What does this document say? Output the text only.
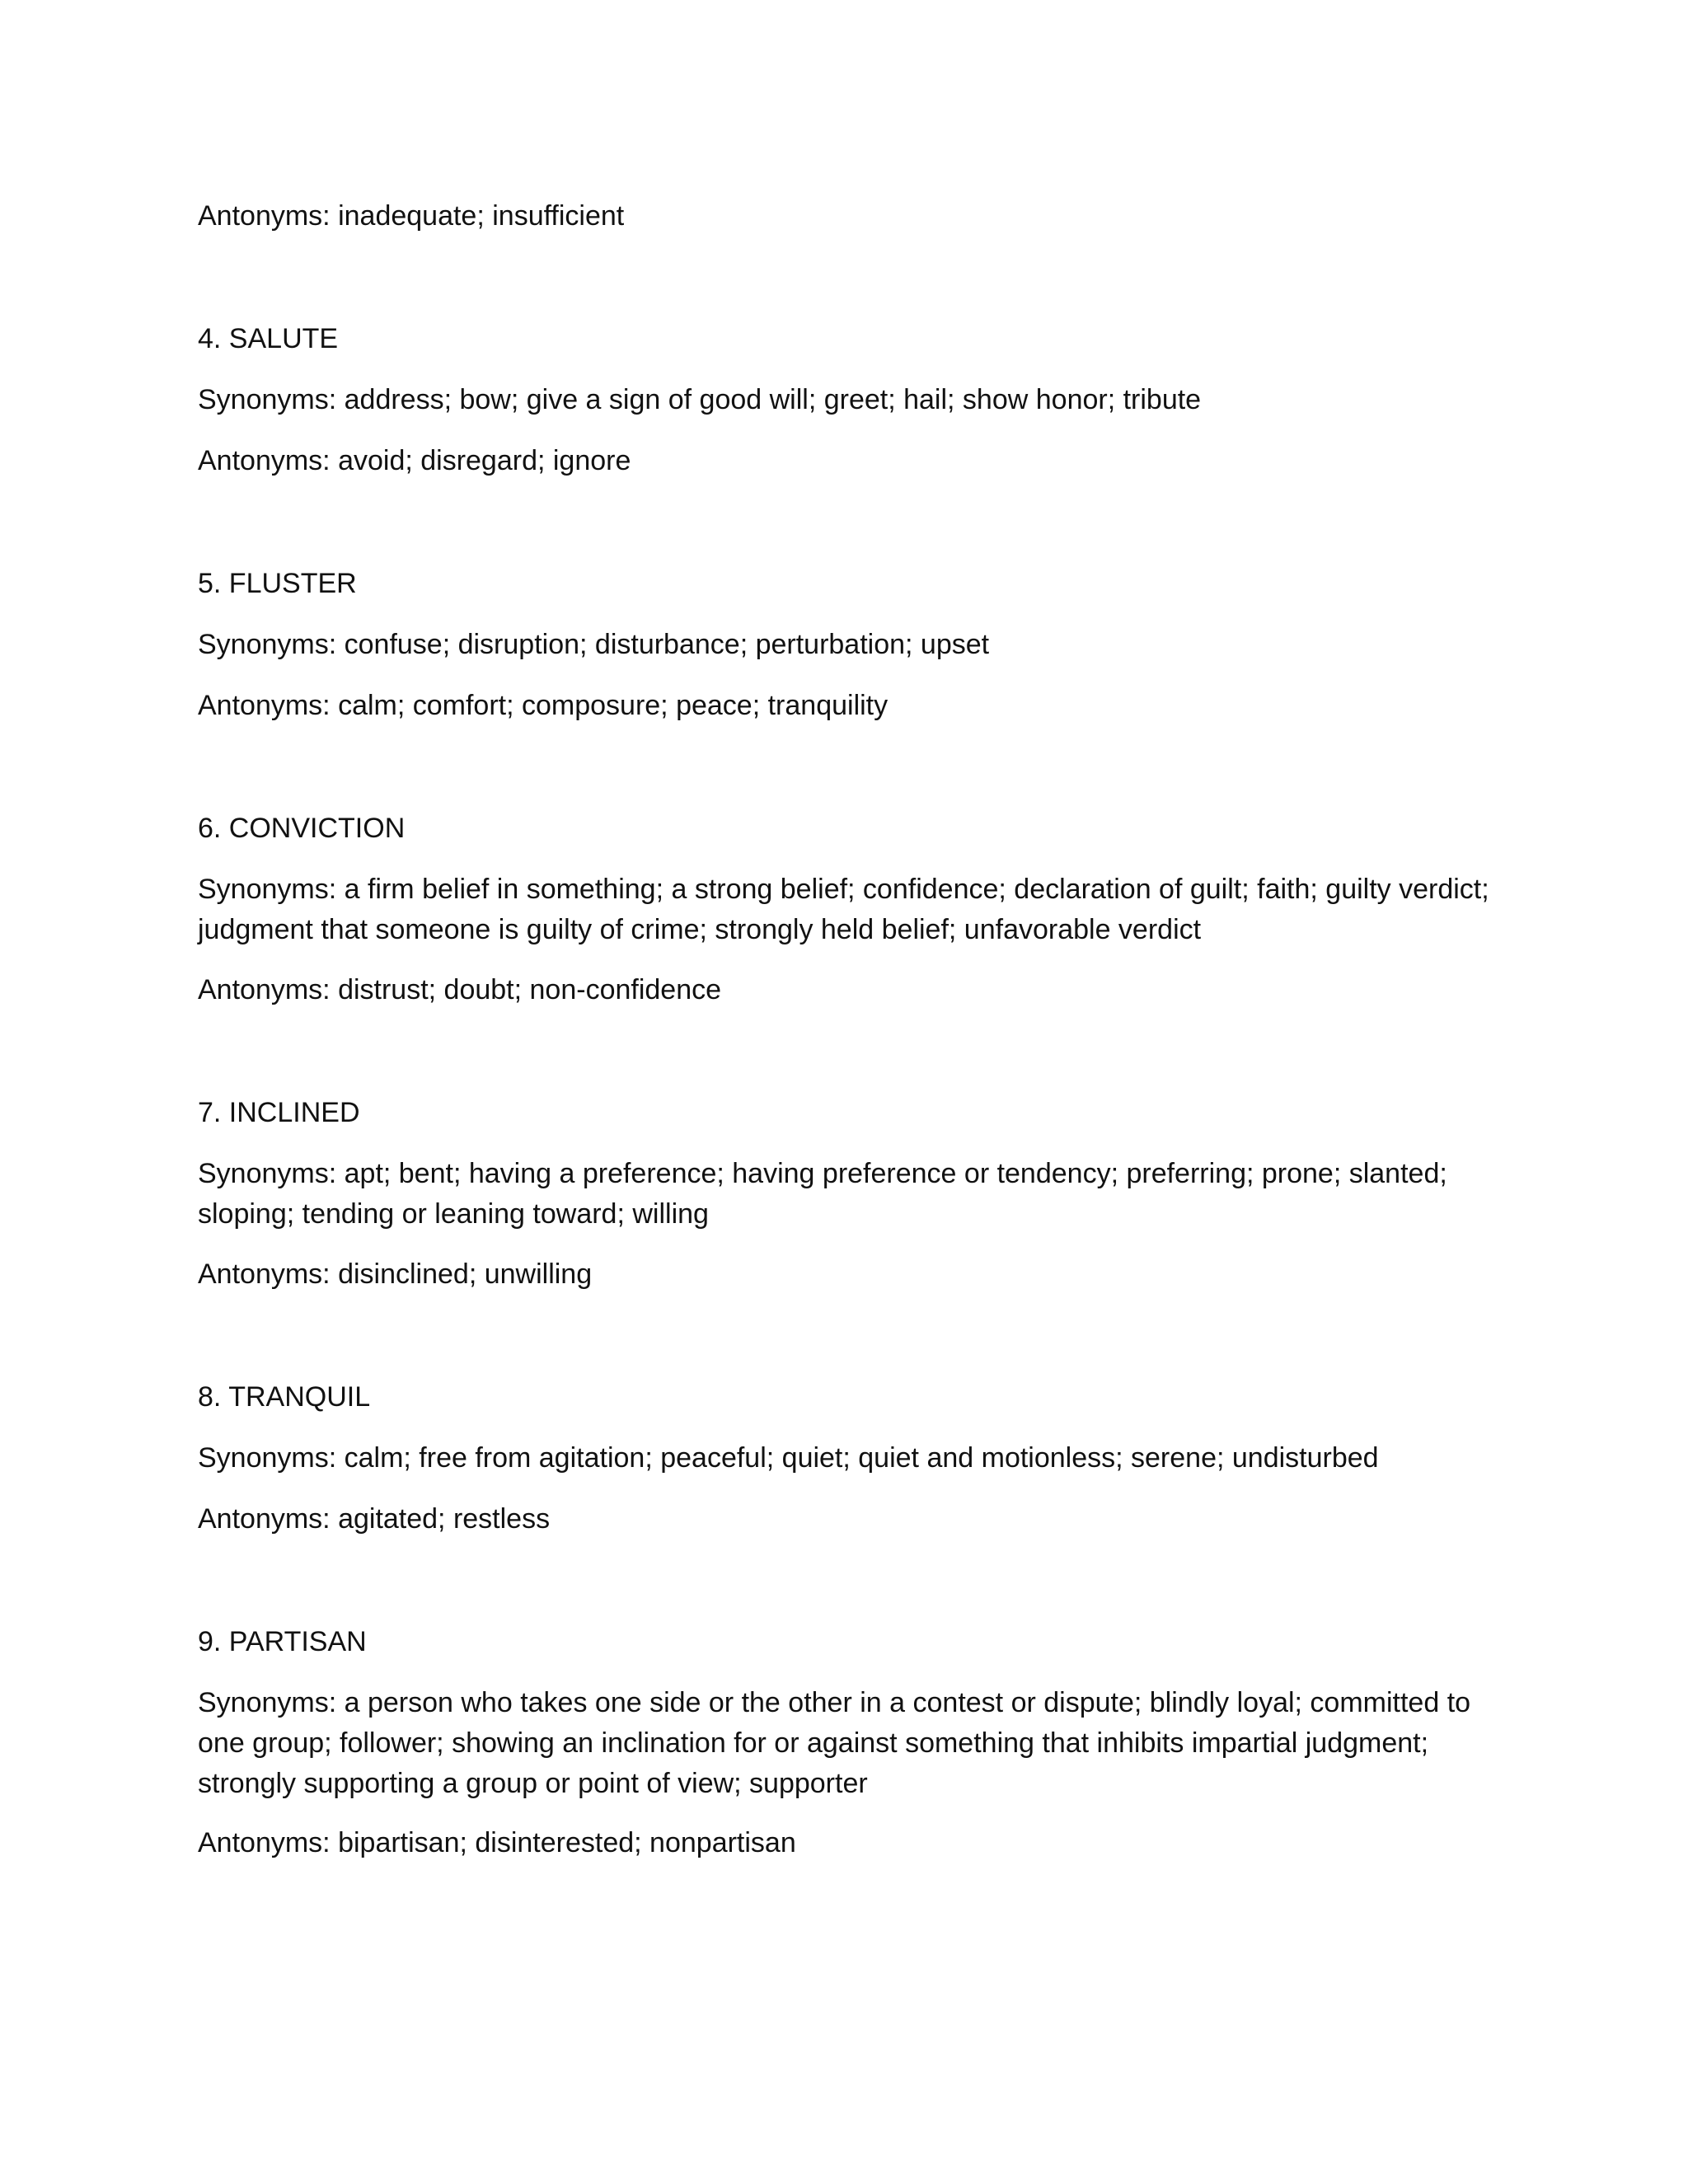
Antonyms: inadequate; insufficient

4. SALUTE

Synonyms: address; bow; give a sign of good will; greet; hail; show honor; tribute

Antonyms: avoid; disregard; ignore

5. FLUSTER

Synonyms: confuse; disruption; disturbance; perturbation; upset

Antonyms: calm; comfort; composure; peace; tranquility

6. CONVICTION

Synonyms: a firm belief in something; a strong belief; confidence; declaration of guilt; faith; guilty verdict; judgment that someone is guilty of crime; strongly held belief; unfavorable verdict

Antonyms: distrust; doubt; non-confidence

7. INCLINED

Synonyms: apt; bent; having a preference; having preference or tendency; preferring; prone; slanted; sloping; tending or leaning toward; willing

Antonyms: disinclined; unwilling

8. TRANQUIL

Synonyms: calm; free from agitation; peaceful; quiet; quiet and motionless; serene; undisturbed

Antonyms: agitated; restless

9. PARTISAN

Synonyms: a person who takes one side or the other in a contest or dispute; blindly loyal; committed to one group; follower; showing an inclination for or against something that inhibits impartial judgment; strongly supporting a group or point of view; supporter

Antonyms: bipartisan; disinterested; nonpartisan
